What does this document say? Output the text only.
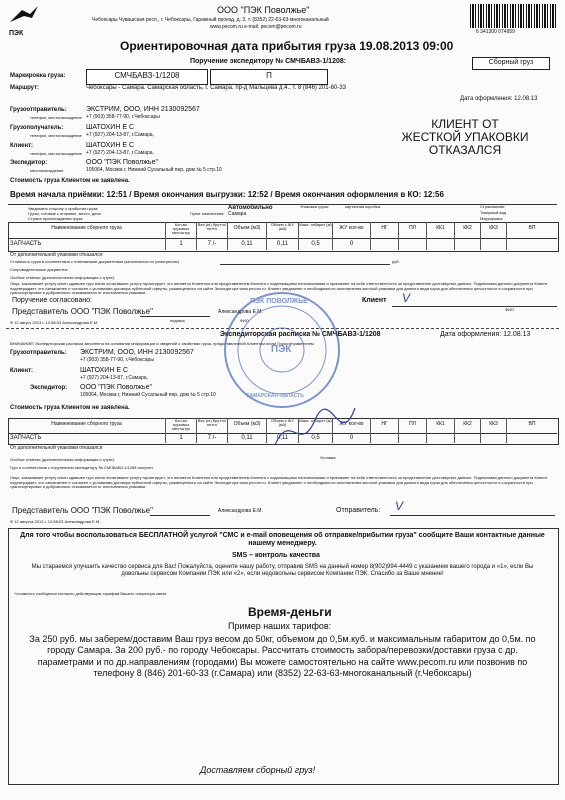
ПЭК
ООО "ПЭК Поволжье"
Чебоксары Чувашская респ., г. Чебоксары, Гаражный проезд, д. 3, т. (8352) 22-63-63-многоканальный
www.pecom.ru e-mail: pecom@pecom.ru
6 341300 074959
Ориентировочная дата прибытия груза 19.08.2013 09:00
Поручение экспедитору № СМЧБАВЗ-1/1208:	Сборный груз
Маркировка груза:	СМЧБАВЗ-1/1208	П
Маршрут:	Чебоксары - Самара. Самарская область, г. Самара, пр-д Мальцева д.4., т. 8 (846) 201-60-33
Дата оформления: 12.08.13
Грузоотправитель:	ЭКСТРИМ, ООО, ИНН 2130092567
телефон, местонахождение +7 (903) 358-77-90, г.Чебоксары
Грузополучатель:	ШАТОХИН Е С
телефон, местонахождение +7 (927) 204-13-87, г.Самара,
Клиент:	ШАТОХИН Е С
телефон, местонахождение +7 (927) 204-13-87, г.Самара,
Экспедитор:	ООО "ПЭК Поволжье"
местонахождение	105064, Москва г, Нижний Сусальный пер, дом № 5 стр.10
Стоимость груза Клиентом не заявлена.
КЛИЕНТ ОТ
ЖЕСТКОЙ УПАКОВКИ
ОТКАЗАЛСЯ
Время начала приёмки: 12:51 / Время окончания выгрузки: 12:52 / Время окончания оформления в КО: 12:56
Уведомить сторону о прибытии груза:
Грузы, готовые к отправке, место, дата:
Страна происхождения груза:
Автомобильно
Пункт назначения: Самара
Упаковка груза:	картонная коробка,	Страхование:
Товарный вид
Маркировка
Наименование сборного груза
Кол-во грузовых местштук
Вес (кг) брутто/нетто	Объем (м3)
Объем с ЖУ (м3)
Макс. габарит (м)
ЖУ кол-во	НГ	ПЛ	КК1	КК2	КК3	ВП
ЗАПЧАСТЬ	1	7 /-	0,11	0,11	0,5	0
От дополнительной упаковки отказался
Стоимость груза в соответствии с платежными документами (заполняется по усмотрению)	руб.
Сопроводительные документы:
Особые отметки (дополнительная информация о грузе):
Лицо, заказавшее услугу и/или сдавшее груз и/или оплатившее услугу гарантирует, что является Клиентом или представителем Клиента с надлежащими полномочиями и принимает на себя ответственность за представление достоверных данных. Подписывая данного документа Клиент подтверждает, что ознакомлен и согласен с условиями договора публичной оферты, размещенного на сайте Экспедитора www.pecom.ru. Клиент уведомлен о необходимости изготовления жесткой упаковки для данного вида груза для обеспечения целостности и сохранности при транспортировке и добровольно отказывается от изготовления упаковки.
Поручение согласовано:	Клиент V
Представитель ООО "ПЭК Поволжье"	Александрова Е.М.
подпись	ФИО
ФИО
Ф 12 август 2013 г. 12:58:03 Александрова Е.М.
Экспедиторская расписка № СМЧБАВЗ-1/1208	Дата оформления: 12.08.13
ВНИМАНИЕ! Экспедиторская расписка заполнена на основании информации и сведений о свойствах груза, предоставленной Клиентом и/или Грузоотправителем
Грузоотправитель: ЭКСТРИМ, ООО, ИНН 2130092567
+7 (903) 358-77-90, г.Чебоксары
Клиент:	ШАТОХИН Е С
+7 (927) 204-13-87, г.Самара,
Экспедитор: ООО "ПЭК Поволжье"
105064, Москва г, Нижний Сусальный пер, дом № 5 стр.10
Стоимость груза Клиентом не заявлена.
Наименование сборного груза
Кол-во грузовых местштук
Вес (кг) брутто/нетто	Объем (м3)
Объем с ЖУ (м3)
Макс. габарит (м)
ЖУ кол-во	НГ	ПЛ	КК1	КК2	КК3	ВП
ЗАПЧАСТЬ	1	7 /-	0,11	0,11	0,5	0
От дополнительной упаковки отказался
Особые отметки (дополнительная информация о грузе):	Условия:
Груз в соответствии с поручением экспедитору № СМЧБАВЗ-1/1208 получен.
Лицо, заказавшее услугу и/или сдавшее груз и/или оплатившее услугу гарантирует, что является Клиентом или представителем Клиента с надлежащими полномочиями и принимает на себя ответственность за представление достоверных данных. Подписывая данного документа Клиент подтверждает, что ознакомлен и согласен с условиями договора публичной оферты, размещенного на сайте Экспедитора www.pecom.ru. Клиент уведомлен о необходимости изготовления жесткой упаковки для данного вида груза для обеспечения целостности и сохранности при транспортировке и добровольно отказывается от изготовления упаковки.
Представитель ООО "ПЭК Поволжье"	Александрова Е.М.	Отправитель: V
Ф 12 августа 2013 г. 12:58:03 Александрова Е.М.
Для того чтобы воспользоваться БЕСПЛАТНОЙ услугой "СМС и e-mail оповещения об отправке/прибытии груза" сообщите Ваши контактные данные нашему менеджеру.
SMS – контроль качества
Мы стараемся улучшить качество сервиса для Вас! Пожалуйста, оцените нашу работу, отправив SMS на данный номер 8(902)994-4449 с указанием вашего города и «1», если Вы довольны сервисом Компании ПЭК или «2», если недовольны сервисом Компании ПЭК. Спасибо за Ваше мнение!
*стоимость сообщения согласно действующим тарифам Вашего оператора связи
Время-деньги
Пример наших тарифов:
За 250 руб. мы заберем/доставим Ваш груз весом до 50кг, объемом до 0,5м.куб. и максимальным габаритом до 0,5м. по городу Самара. За 200 руб.- по городу Чебоксары. Рассчитать стоимость забора/перевозки/доставки груза с др. параметрами и по др.направлениям (городами) Вы можете самостоятельно на сайте www.pecom.ru или позвонив по телефону 8 (846) 201-60-33 (г.Самара) или (8352) 22-63-63-многоканальный (г.Чебоксары)
Доставляем сборный груз!
ПЭК ПОВОЛЖЬЕ
ПЭК
САМАРСКАЯ ОБЛАСТЬ
